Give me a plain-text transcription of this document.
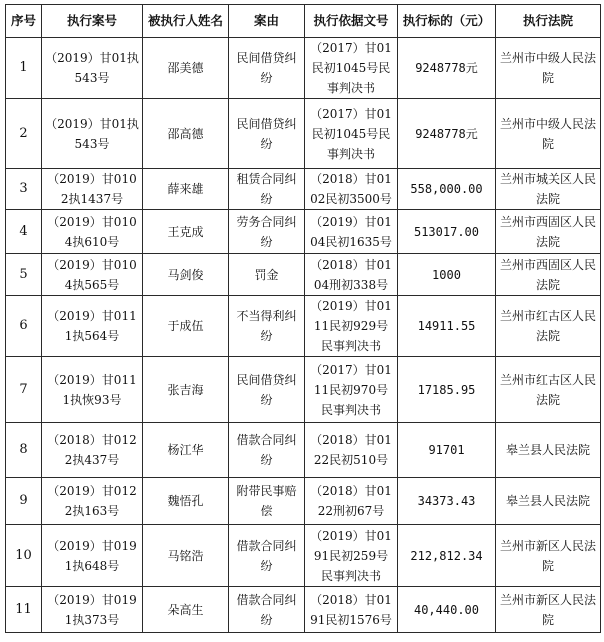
序号	执行案号	被执行人姓名	案由	执行依据文号	执行标的（元）	执行法院
1	（2019）甘01执543号	邵美德	民间借贷纠纷	（2017）甘01民初1045号民事判决书	9248778元	兰州市中级人民法院
2	（2019）甘01执543号	邵高德	民间借贷纠纷	（2017）甘01民初1045号民事判决书	9248778元	兰州市中级人民法院
3	（2019）甘0102执1437号	薛来雄	租赁合同纠纷	（2018）甘0102民初3500号	558,000.00	兰州市城关区人民法院
4	（2019）甘0104执610号	王克成	劳务合同纠纷	（2019）甘0104民初1635号	513017.00	兰州市西固区人民法院
5	（2019）甘0104执565号	马剑俊	罚金	（2018）甘0104刑初338号	1000	兰州市西固区人民法院
6	（2019）甘0111执564号	于成伍	不当得利纠纷	（2019）甘0111民初929号民事判决书	14911.55	兰州市红古区人民法院
7	（2019）甘0111执恢93号	张吉海	民间借贷纠纷	（2017）甘0111民初970号民事判决书	17185.95	兰州市红古区人民法院
8	（2018）甘0122执437号	杨江华	借款合同纠纷	（2018）甘0122民初510号	91701	皋兰县人民法院
9	（2019）甘0122执163号	魏悟孔	附带民事赔偿	（2018）甘0122刑初67号	34373.43	皋兰县人民法院
10	（2019）甘0191执648号	马铭浩	借款合同纠纷	（2019）甘0191民初259号民事判决书	212,812.34	兰州市新区人民法院
11	（2019）甘0191执373号	朵高生	借款合同纠纷	（2018）甘0191民初1576号	40,440.00	兰州市新区人民法院
